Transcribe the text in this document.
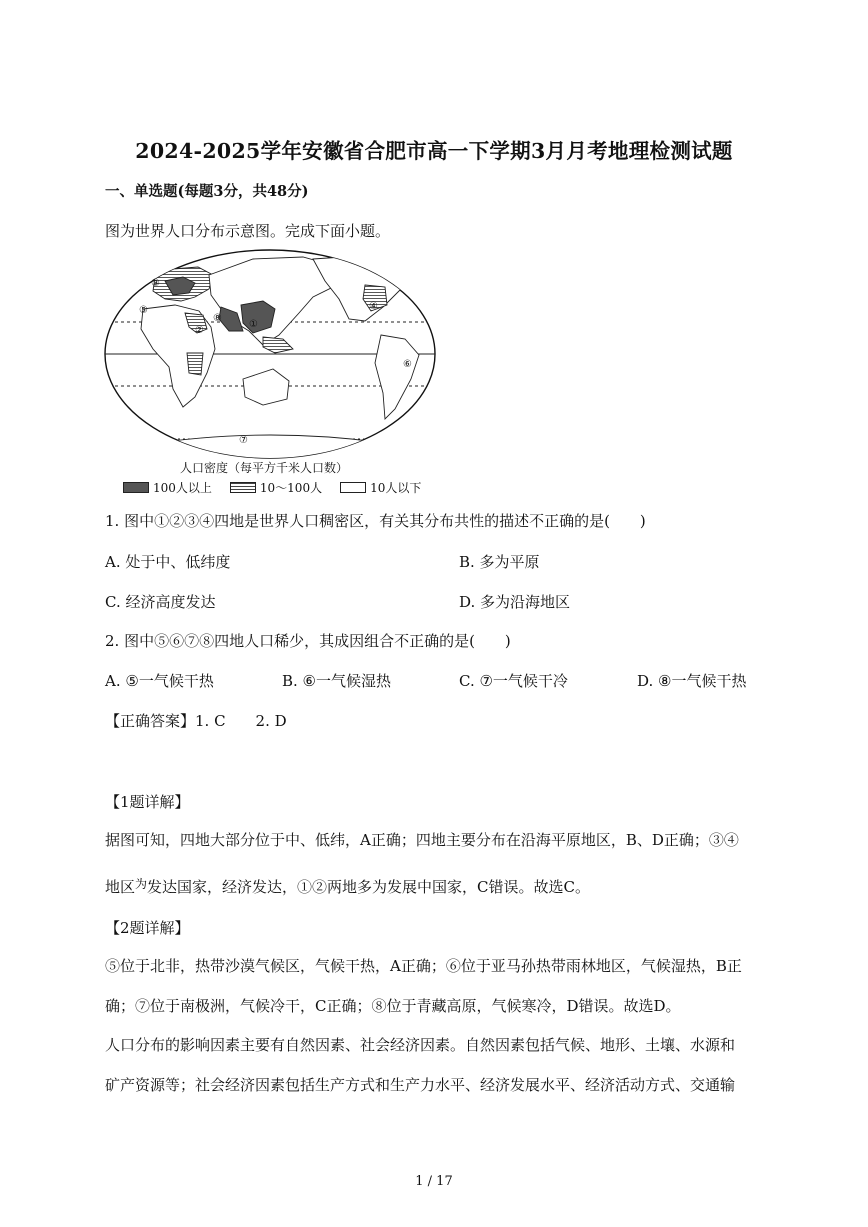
2024-2025学年安徽省合肥市高一下学期3月月考地理检测试题
一、单选题(每题3分，共48分)
图为世界人口分布示意图。完成下面小题。
③
④
⑤
⑧
①
②
⑥
⑦
人口密度（每平方千米人口数）
100人以上	10～100人	10人以下
1. 图中①②③④四地是世界人口稠密区，有关其分布共性的描述不正确的是(　　)
A. 处于中、低纬度	B. 多为平原
C. 经济高度发达	D. 多为沿海地区
2. 图中⑤⑥⑦⑧四地人口稀少，其成因组合不正确的是(　　)
A. ⑤一气候干热	B. ⑥一气候湿热	C. ⑦一气候干冷	D. ⑧一气候干热
【正确答案】1. C　　2. D
【1题详解】
据图可知，四地大部分位于中、低纬，A正确；四地主要分布在沿海平原地区，B、D正确；③④
地区$^为$发达国家，经济发达，①②两地多为发展中国家，C错误。故选C。
【2题详解】
⑤位于北非，热带沙漠气候区，气候干热，A正确；⑥位于亚马孙热带雨林地区，气候湿热，B正
确；⑦位于南极洲，气候冷干，C正确；⑧位于青藏高原，气候寒冷，D错误。故选D。
人口分布的影响因素主要有自然因素、社会经济因素。自然因素包括气候、地形、土壤、水源和
矿产资源等；社会经济因素包括生产方式和生产力水平、经济发展水平、经济活动方式、交通输
1 / 17
